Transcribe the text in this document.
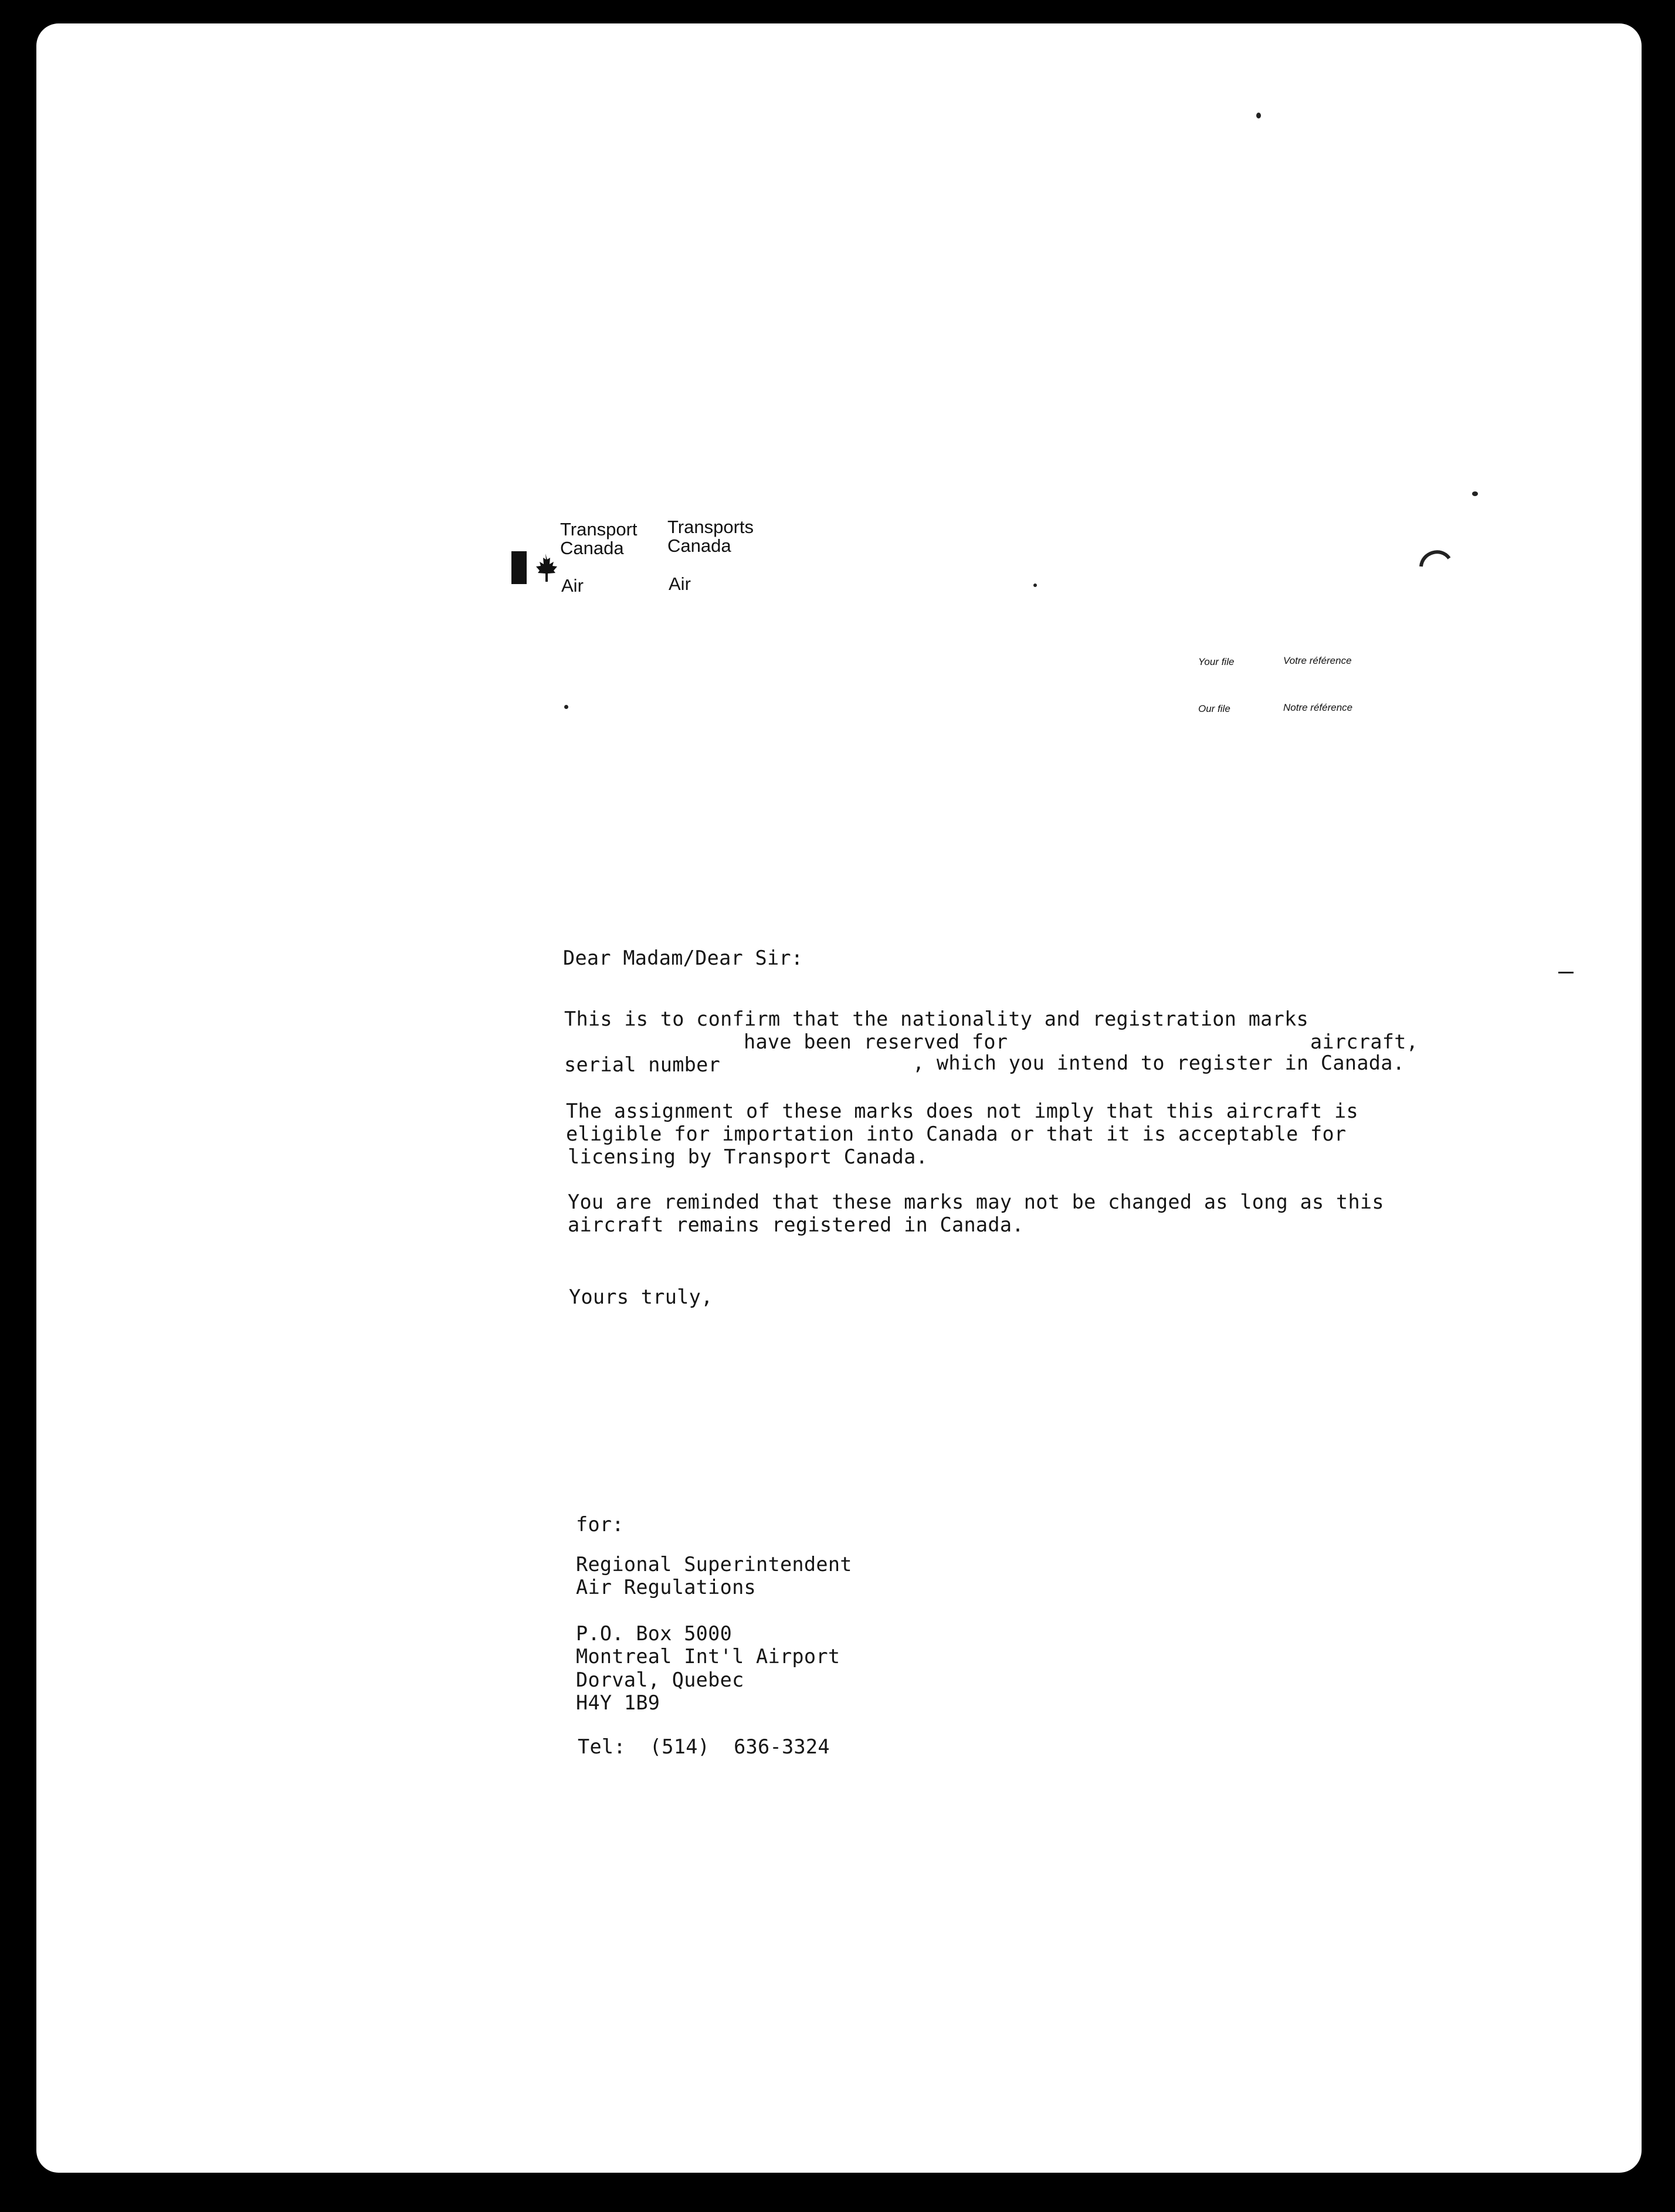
Transport
Canada
Transports
Canada
Air	Air
Your file	Votre référence
Our file	Notre référence
Dear Madam/Dear Sir:
This is to confirm that the nationality and registration marks
have been reserved for	aircraft,
serial number	, which you intend to register in Canada.
The assignment of these marks does not imply that this aircraft is
eligible for importation into Canada or that it is acceptable for
licensing by Transport Canada.
You are reminded that these marks may not be changed as long as this
aircraft remains registered in Canada.
Yours truly,
for:
Regional Superintendent
Air Regulations
P.O. Box 5000
Montreal Int'l Airport
Dorval, Quebec
H4Y 1B9
Tel:  (514)  636-3324
